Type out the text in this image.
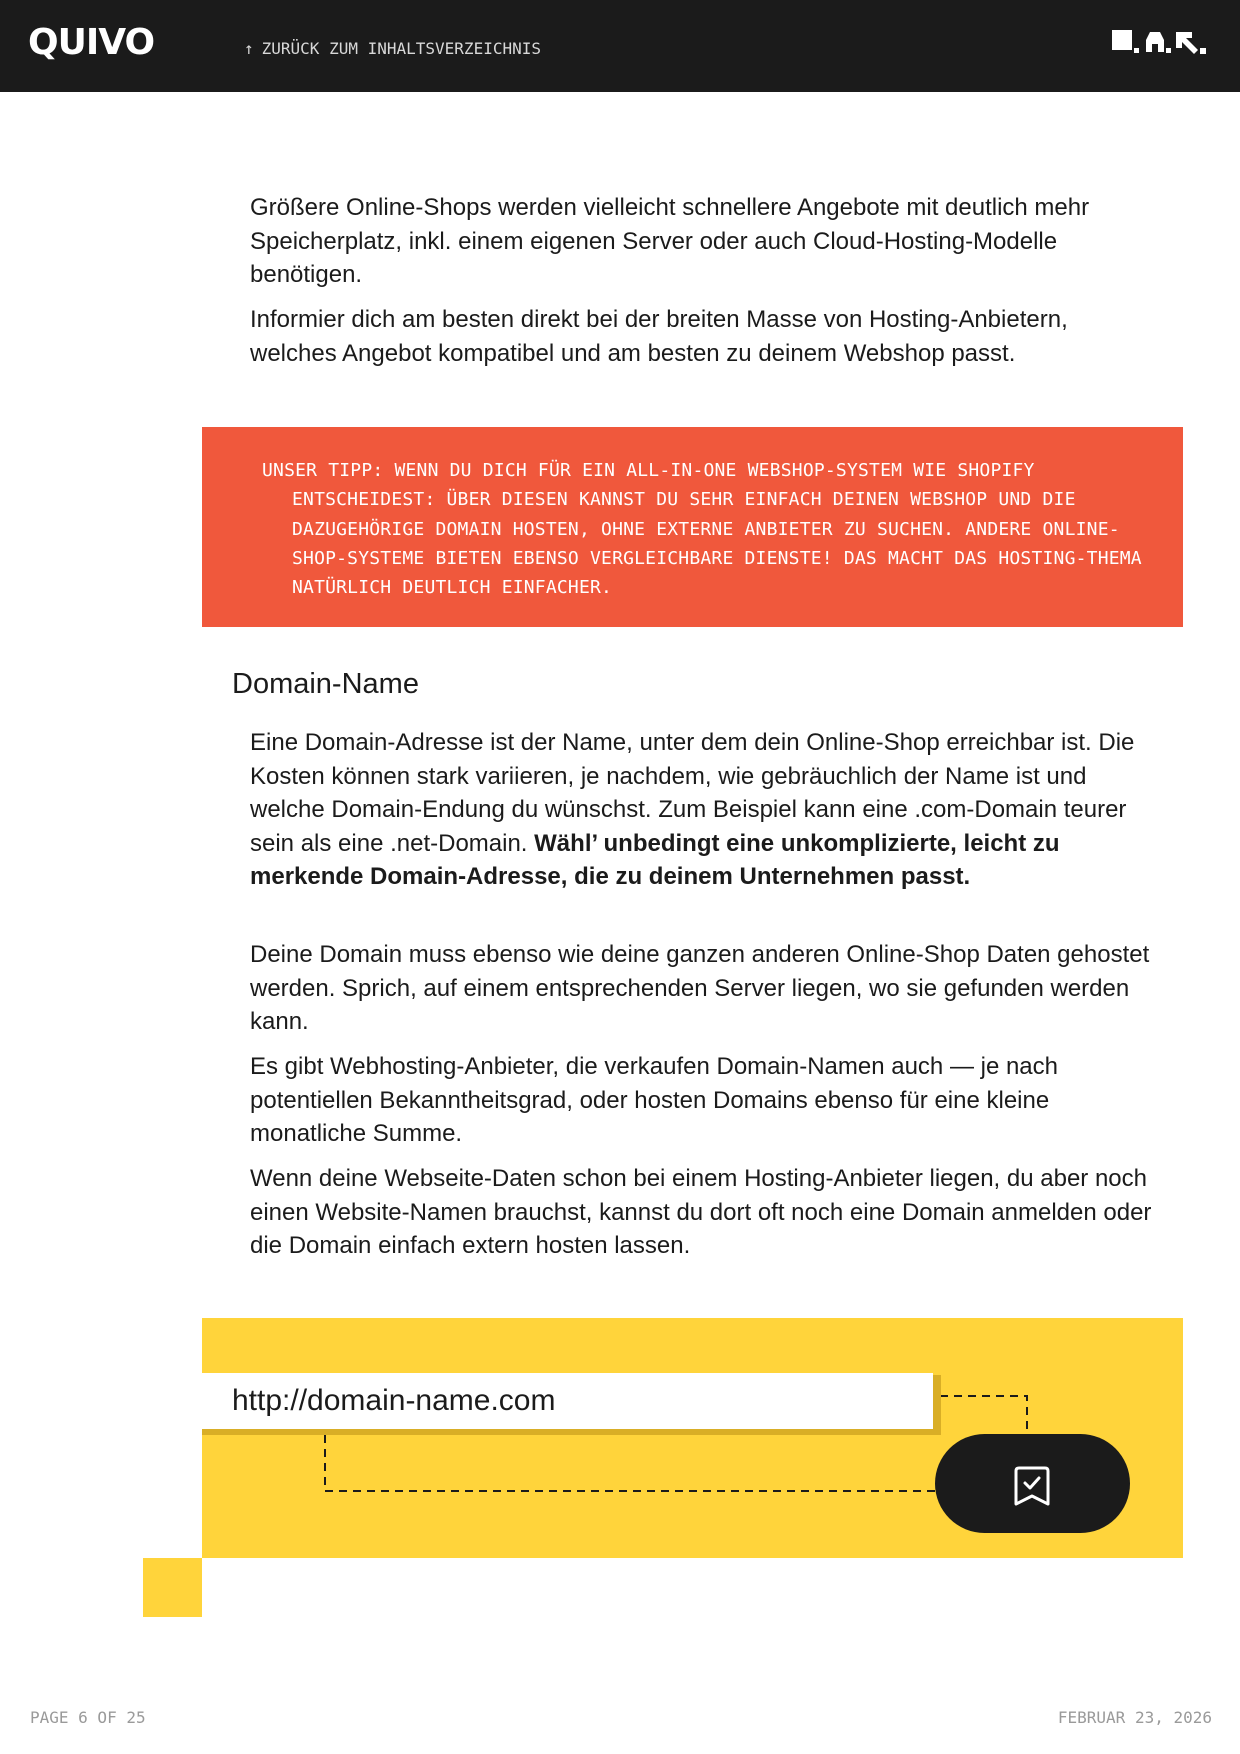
QUIVO	↑ ZURÜCK ZUM INHALTSVERZEICHNIS

Größere Online-Shops werden vielleicht schnellere Angebote mit deutlich mehr Speicherplatz, inkl. einem eigenen Server oder auch Cloud-Hosting-Modelle benötigen.

Informier dich am besten direkt bei der breiten Masse von Hosting-Anbietern, welches Angebot kompatibel und am besten zu deinem Webshop passt.

UNSER TIPP: WENN DU DICH FÜR EIN ALL-IN-ONE WEBSHOP-SYSTEM WIE SHOPIFY ENTSCHEIDEST: ÜBER DIESEN KANNST DU SEHR EINFACH DEINEN WEBSHOP UND DIE DAZUGEHÖRIGE DOMAIN HOSTEN, OHNE EXTERNE ANBIETER ZU SUCHEN. ANDERE ONLINE-SHOP-SYSTEME BIETEN EBENSO VERGLEICHBARE DIENSTE! DAS MACHT DAS HOSTING-THEMA NATÜRLICH DEUTLICH EINFACHER.

Domain-Name

Eine Domain-Adresse ist der Name, unter dem dein Online-Shop erreichbar ist. Die Kosten können stark variieren, je nachdem, wie gebräuchlich der Name ist und welche Domain-Endung du wünschst. Zum Beispiel kann eine .com-Domain teurer sein als eine .net-Domain. Wähl’ unbedingt eine unkomplizierte, leicht zu merkende Domain-Adresse, die zu deinem Unternehmen passt.

Deine Domain muss ebenso wie deine ganzen anderen Online-Shop Daten gehostet werden. Sprich, auf einem entsprechenden Server liegen, wo sie gefunden werden kann.

Es gibt Webhosting-Anbieter, die verkaufen Domain-Namen auch — je nach potentiellen Bekanntheitsgrad, oder hosten Domains ebenso für eine kleine monatliche Summe.

Wenn deine Webseite-Daten schon bei einem Hosting-Anbieter liegen, du aber noch einen Website-Namen brauchst, kannst du dort oft noch eine Domain anmelden oder die Domain einfach extern hosten lassen.

http://domain-name.com
PAGE 6 OF 25	FEBRUAR 23, 2026
